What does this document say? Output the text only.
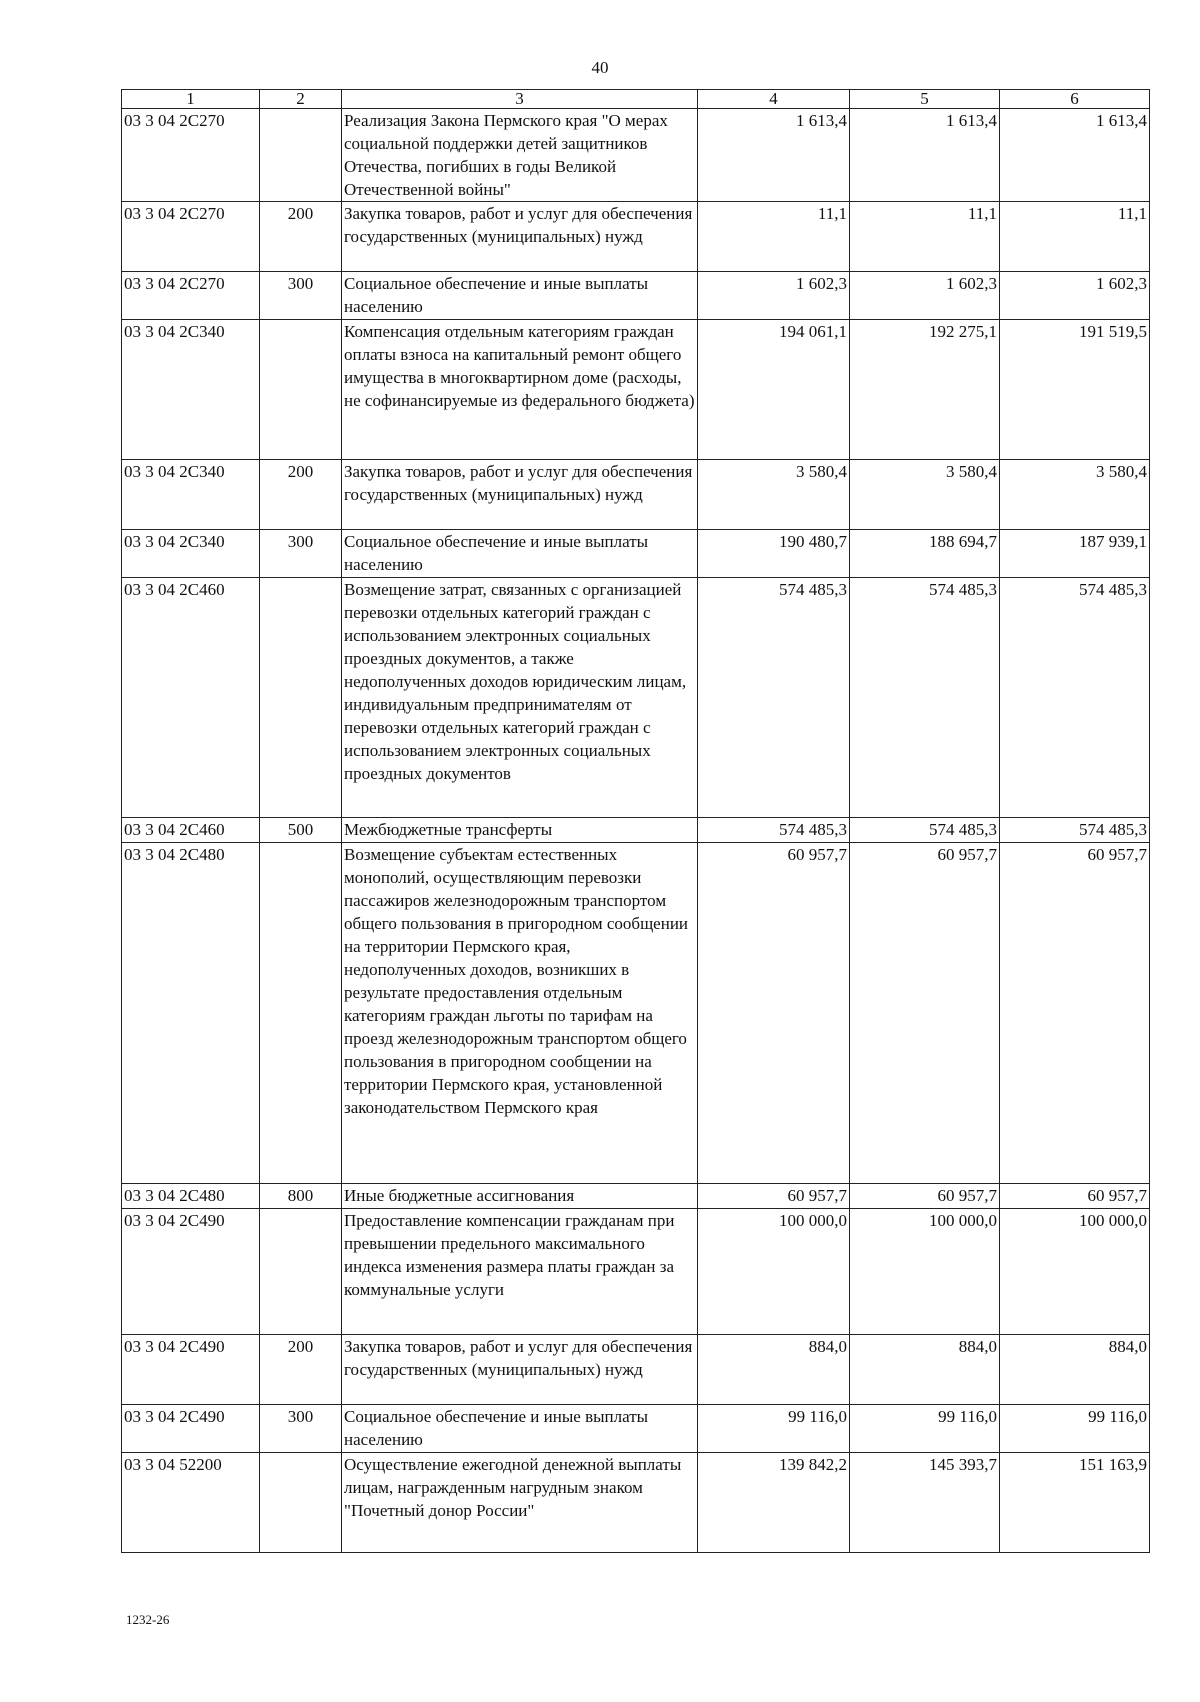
40
1	2	3	4	5	6
03 3 04 2C270		Реализация Закона Пермского края "О мерах социальной поддержки детей защитников Отечества, погибших в годы Великой Отечественной войны"	1 613,4	1 613,4	1 613,4
03 3 04 2C270	200	Закупка товаров, работ и услуг для обеспечения государственных (муниципальных) нужд	11,1	11,1	11,1
03 3 04 2C270	300	Социальное обеспечение и иные выплаты населению	1 602,3	1 602,3	1 602,3
03 3 04 2C340		Компенсация отдельным категориям граждан оплаты взноса на капитальный ремонт общего имущества в многоквартирном доме (расходы, не софинансируемые из федерального бюджета)	194 061,1	192 275,1	191 519,5
03 3 04 2C340	200	Закупка товаров, работ и услуг для обеспечения государственных (муниципальных) нужд	3 580,4	3 580,4	3 580,4
03 3 04 2C340	300	Социальное обеспечение и иные выплаты населению	190 480,7	188 694,7	187 939,1
03 3 04 2C460		Возмещение затрат, связанных с организацией перевозки отдельных категорий граждан с использованием электронных социальных проездных документов, а также недополученных доходов юридическим лицам, индивидуальным предпринимателям от перевозки отдельных категорий граждан с использованием электронных социальных проездных документов	574 485,3	574 485,3	574 485,3
03 3 04 2C460	500	Межбюджетные трансферты	574 485,3	574 485,3	574 485,3
03 3 04 2C480		Возмещение субъектам естественных монополий, осуществляющим перевозки пассажиров железнодорожным транспортом общего пользования в пригородном сообщении на территории Пермского края, недополученных доходов, возникших в результате предоставления отдельным категориям граждан льготы по тарифам на проезд железнодорожным транспортом общего пользования в пригородном сообщении на территории Пермского края, установленной законодательством Пермского края	60 957,7	60 957,7	60 957,7
03 3 04 2C480	800	Иные бюджетные ассигнования	60 957,7	60 957,7	60 957,7
03 3 04 2C490		Предоставление компенсации гражданам при превышении предельного максимального индекса изменения размера платы граждан за коммунальные услуги	100 000,0	100 000,0	100 000,0
03 3 04 2C490	200	Закупка товаров, работ и услуг для обеспечения государственных (муниципальных) нужд	884,0	884,0	884,0
03 3 04 2C490	300	Социальное обеспечение и иные выплаты населению	99 116,0	99 116,0	99 116,0
03 3 04 52200		Осуществление ежегодной денежной выплаты лицам, награжденным нагрудным знаком "Почетный донор России"	139 842,2	145 393,7	151 163,9
1232-26
